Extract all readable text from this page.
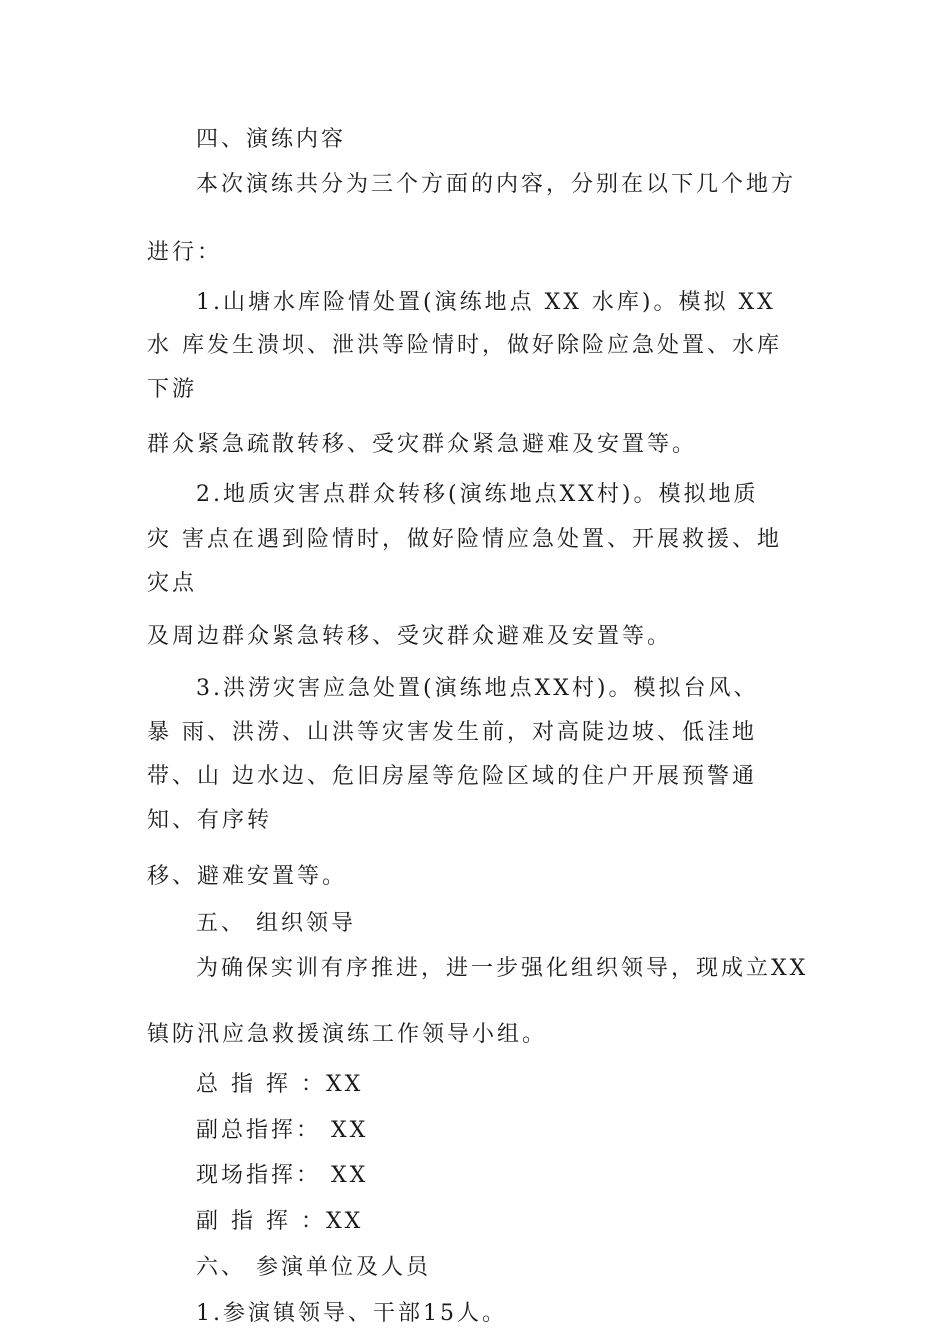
四、演练内容

本次演练共分为三个方面的内容，分别在以下几个地方

进行：

1.山塘水库险情处置(演练地点 XX 水库)。模拟 XX

水 库发生溃坝、泄洪等险情时，做好除险应急处置、水库

下游

群众紧急疏散转移、受灾群众紧急避难及安置等。

2.地质灾害点群众转移(演练地点XX村)。模拟地质

灾 害点在遇到险情时，做好险情应急处置、开展救援、地

灾点

及周边群众紧急转移、受灾群众避难及安置等。

3.洪涝灾害应急处置(演练地点XX村)。模拟台风、

暴 雨、洪涝、山洪等灾害发生前，对高陡边坡、低洼地

带、山 边水边、危旧房屋等危险区域的住户开展预警通

知、有序转

移、避难安置等。

五、 组织领导

为确保实训有序推进，进一步强化组织领导，现成立XX

镇防汛应急救援演练工作领导小组。

总 指 挥 ：XX

副总指挥： XX

现场指挥： XX

副 指 挥 ：XX

六、 参演单位及人员

1.参演镇领导、干部15人。
